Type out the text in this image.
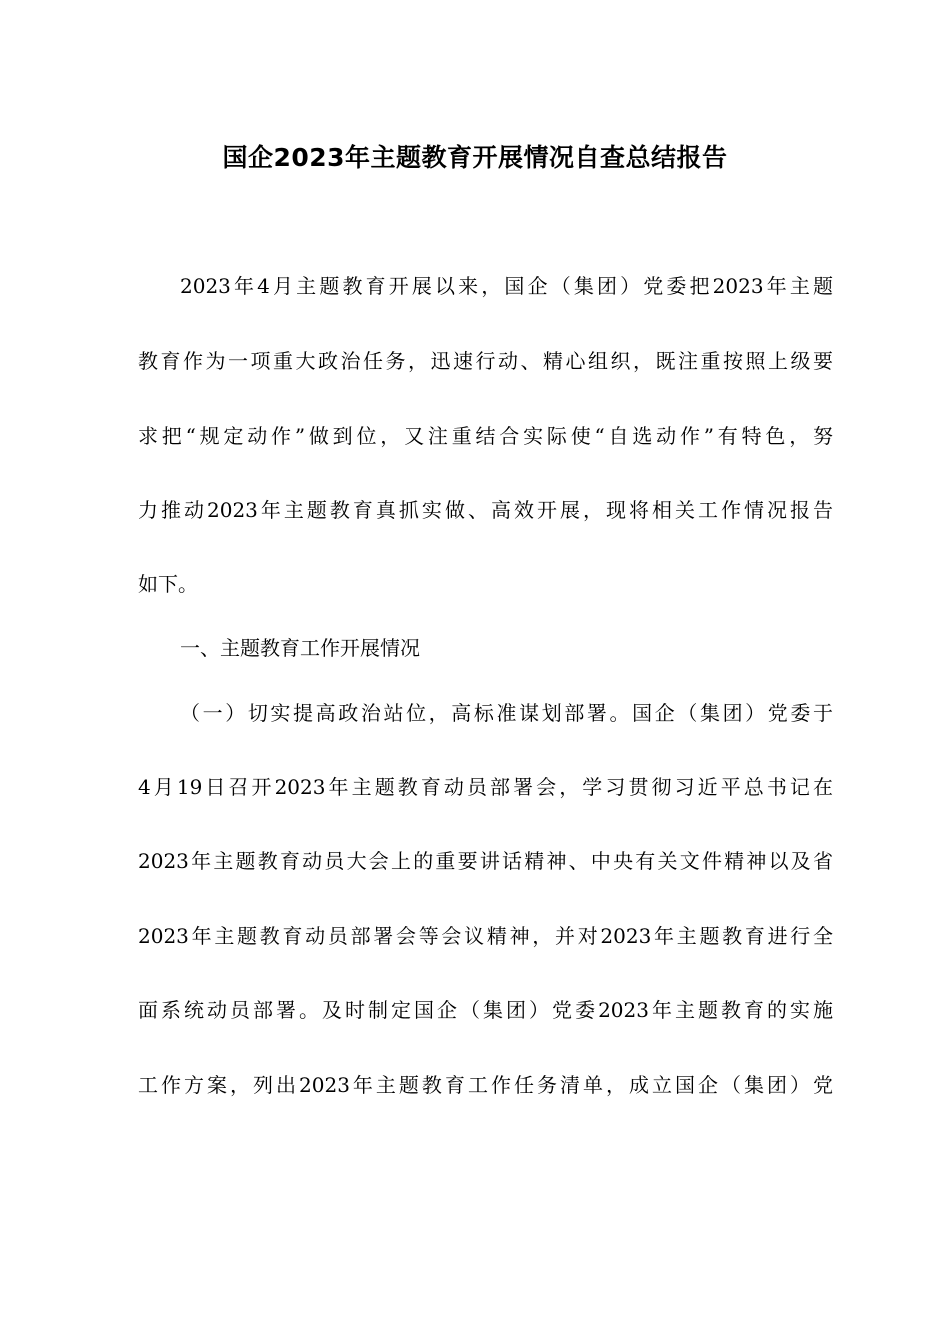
国企2023年主题教育开展情况自查总结报告

2023年4月主题教育开展以来，国企（集团）党委把2023年主题

教育作为一项重大政治任务，迅速行动、精心组织，既注重按照上级要

求把“规定动作”做到位，又注重结合实际使“自选动作”有特色，努

力推动2023年主题教育真抓实做、高效开展，现将相关工作情况报告

如下。

一、主题教育工作开展情况

（一）切实提高政治站位，高标准谋划部署。国企（集团）党委于

4月19日召开2023年主题教育动员部署会，学习贯彻习近平总书记在

2023年主题教育动员大会上的重要讲话精神、中央有关文件精神以及省

2023年主题教育动员部署会等会议精神，并对2023年主题教育进行全

面系统动员部署。及时制定国企（集团）党委2023年主题教育的实施

工作方案，列出2023年主题教育工作任务清单，成立国企（集团）党
